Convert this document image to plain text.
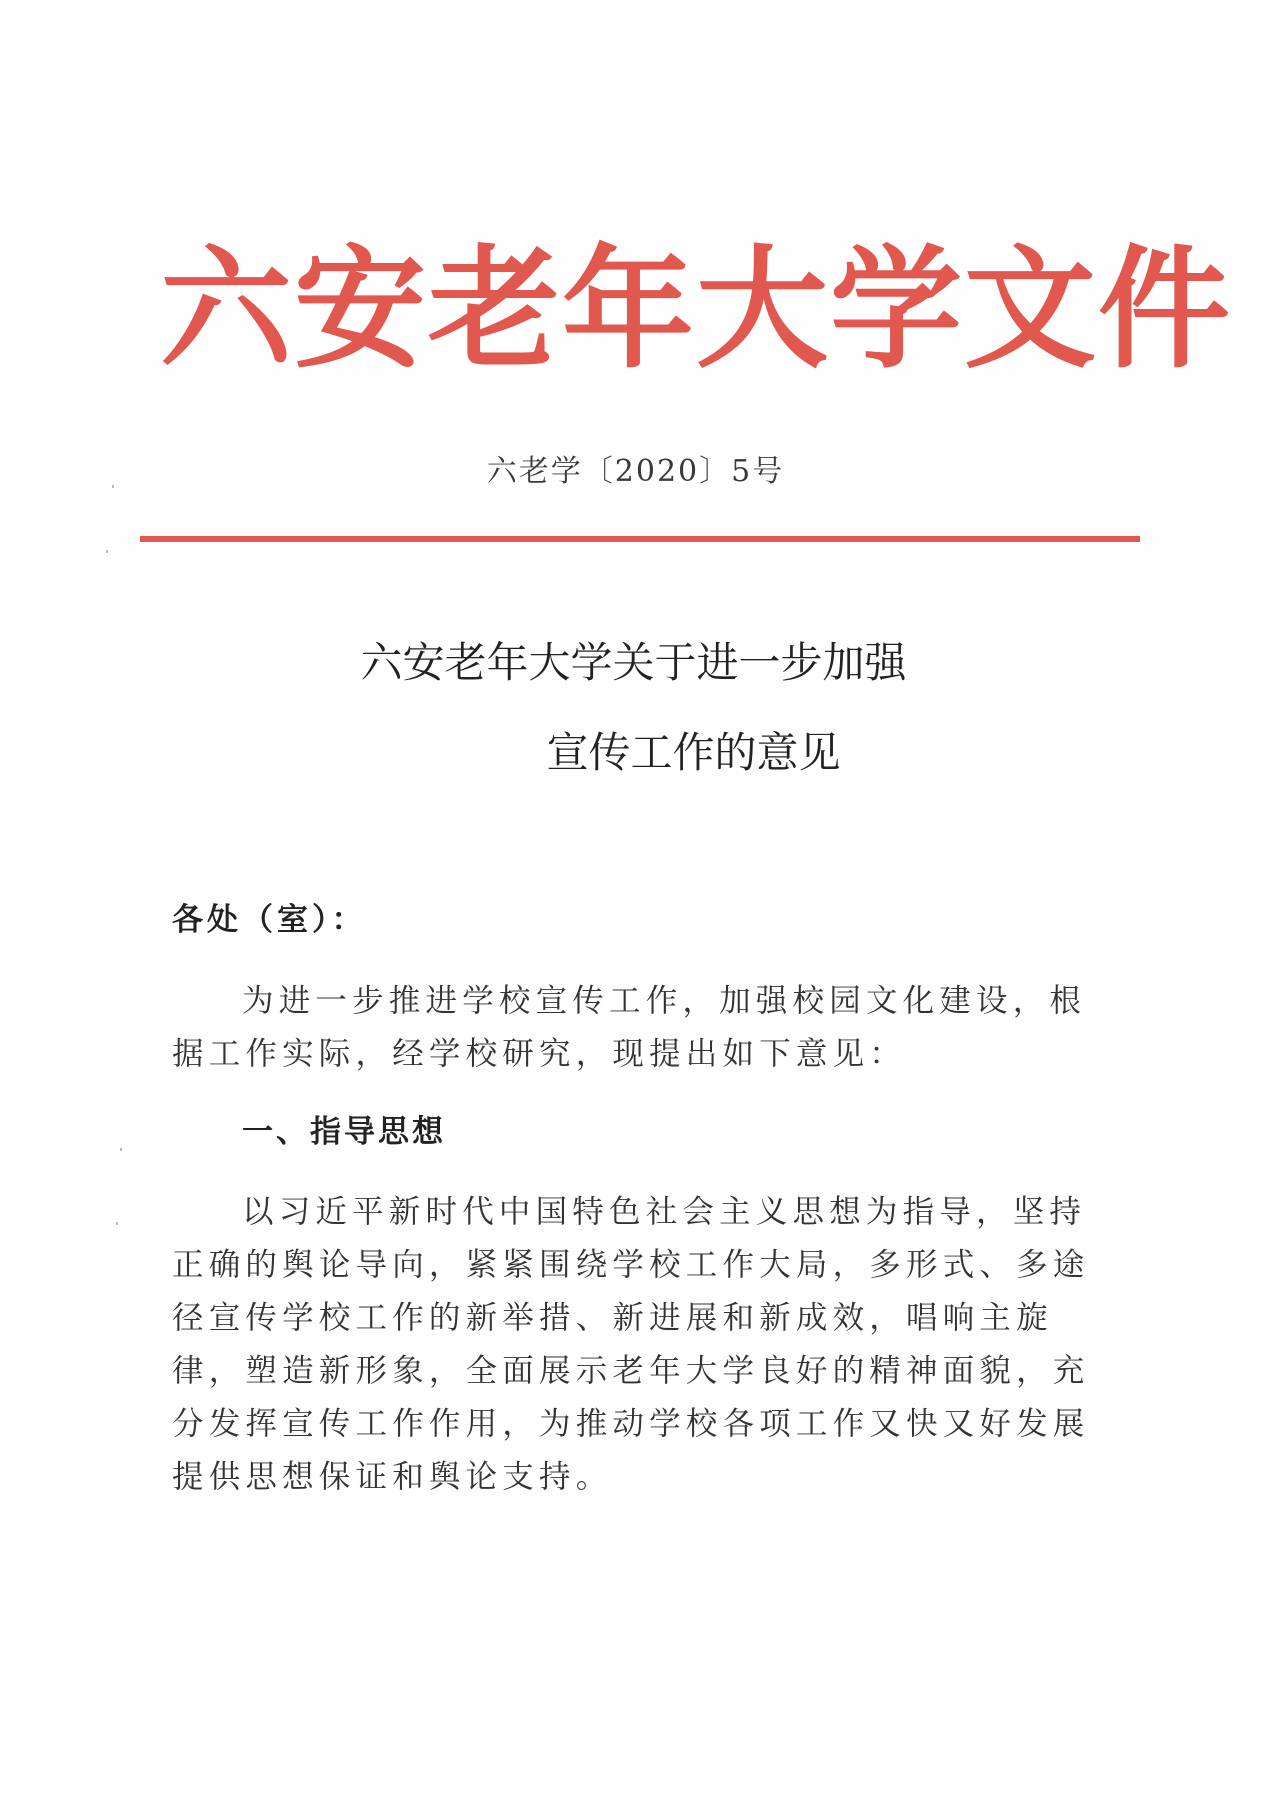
六安老年大学文件
六老学〔2020〕5号
六安老年大学关于进一步加强
宣传工作的意见
各处（室）：
为进一步推进学校宣传工作，加强校园文化建设，根据工作实际，经学校研究，现提出如下意见：
一、指导思想
以习近平新时代中国特色社会主义思想为指导，坚持正确的舆论导向，紧紧围绕学校工作大局，多形式、多途径宣传学校工作的新举措、新进展和新成效，唱响主旋律，塑造新形象，全面展示老年大学良好的精神面貌，充分发挥宣传工作作用，为推动学校各项工作又快又好发展提供思想保证和舆论支持。
